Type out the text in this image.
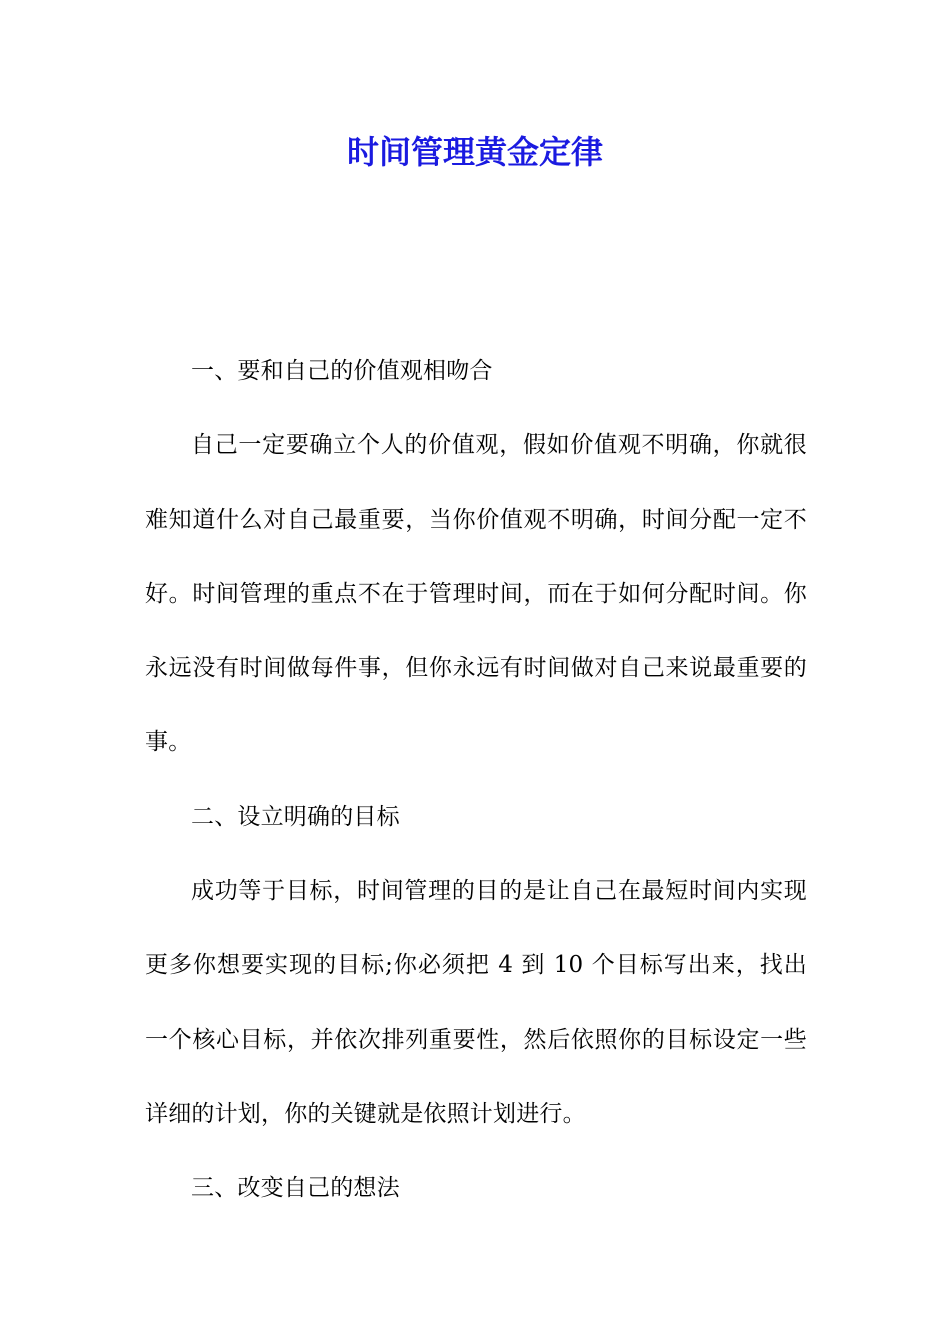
时间管理黄金定律

一、要和自己的价值观相吻合

自己一定要确立个人的价值观，假如价值观不明确，你就很难知道什么对自己最重要，当你价值观不明确，时间分配一定不好。时间管理的重点不在于管理时间，而在于如何分配时间。你永远没有时间做每件事，但你永远有时间做对自己来说最重要的事。

二、设立明确的目标

成功等于目标，时间管理的目的是让自己在最短时间内实现更多你想要实现的目标;你必须把 4 到 10 个目标写出来，找出一个核心目标，并依次排列重要性，然后依照你的目标设定一些详细的计划，你的关键就是依照计划进行。

三、改变自己的想法
